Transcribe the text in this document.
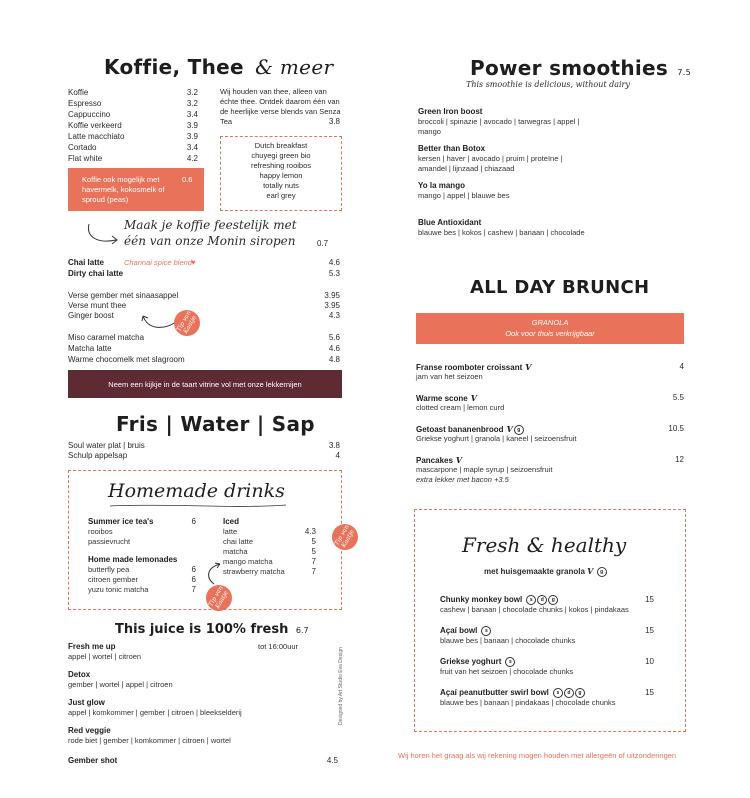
Koffie, Thee & meer
Koffie	3.2
Espresso	3.2
Cappuccino	3.4
Koffie verkeerd	3.9
Latte macchiato	3.9
Cortado	3.4
Flat white	4.2
Wij houden van thee, alleen van échte thee. Ontdek daarom één van de heerlijke verse blends van Senza Tea	3.8
Dutch breakfast
chuyegi green bio
refreshing rooibos
happy lemon
totally nuts
earl grey
Koffie ook mogelijk met havermelk, kokosmelk of sproud (peas)
0.6
Maak je koffie feestelijk met
één van onze Monin siropen	0.7
Chai latte	Channai spice blend ♥	4.6
Dirty chai latte	5.3
Verse gember met sinaasappel	3.95
Verse munt thee	3.95
Ginger boost	4.3
Miso caramel matcha	5.6
Matcha latte	4.6
Warme chocomelk met slagroom	4.8
Tip van Kaatje
Neem een kijkje in de taart vitrine vol met onze lekkernijen
Fris | Water | Sap
Soul water plat | bruis	3.8
Schulp appelsap	4
Homemade drinks
Summer ice tea's	6
rooibos
passievrucht
Home made lemonades
butterfly pea	6
citroen gember	6
yuzu tonic matcha	7
Iced
latte	4.3
chai latte	5
matcha	5
mango matcha	7
strawberry matcha	7
Tip van Kaatje
Tip van Kaatje
This juice is 100% fresh 6.7
tot 16:00uur
Fresh me up
appel | wortel | citroen
Detox
gember | wortel | appel | citroen
Just glow
appel | komkommer | gember | citroen | bleekselderij
Red veggie
rode biet | gember | komkommer | citroen | wortel
Gember shot	4.5
Designed by Art Studio Eva Design
Power smoothies 7.5
This smoothie is delicious, without dairy
Green Iron boost
broccoli | spinazie | avocado | tarwegras | appel |
mango
Better than Botox
kersen | haver | avocado | pruim | proteïne |
amandel | lijnzaad | chiazaad
Yo la mango
mango | appel | blauwe bes
Blue Antioxidant
blauwe bes | kokos | cashew | banaan | chocolade
ALL DAY BRUNCH
GRANOLA
Ook voor thuis verkrijgbaar
Franse roomboter croissant V
jam van het seizoen
4
Warme scone V
clotted cream | lemon curd
5.5
Getoast bananenbrood V g
Griekse yoghurt | granola | kaneel | seizoensfruit
10.5
Pancakes V
mascarpone | maple syrup | seizoensfruit
extra lekker met bacon +3.5
12
Fresh & healthy
met huisgemaakte granola V g
Chunky monkey bowl s d g
cashew | banaan | chocolade chunks | kokos | pindakaas
15
Açaí bowl s
blauwe bes | banaan | chocolade chunks
15
Griekse yoghurt s
fruit van het seizoen | chocolade chunks
10
Açaí peanutbutter swirl bowl s d g
blauwe bes | banaan | pindakaas | chocolade chunks
15
Wij horen het graag als wij rekening mogen houden met allergeën of uitzonderingen
